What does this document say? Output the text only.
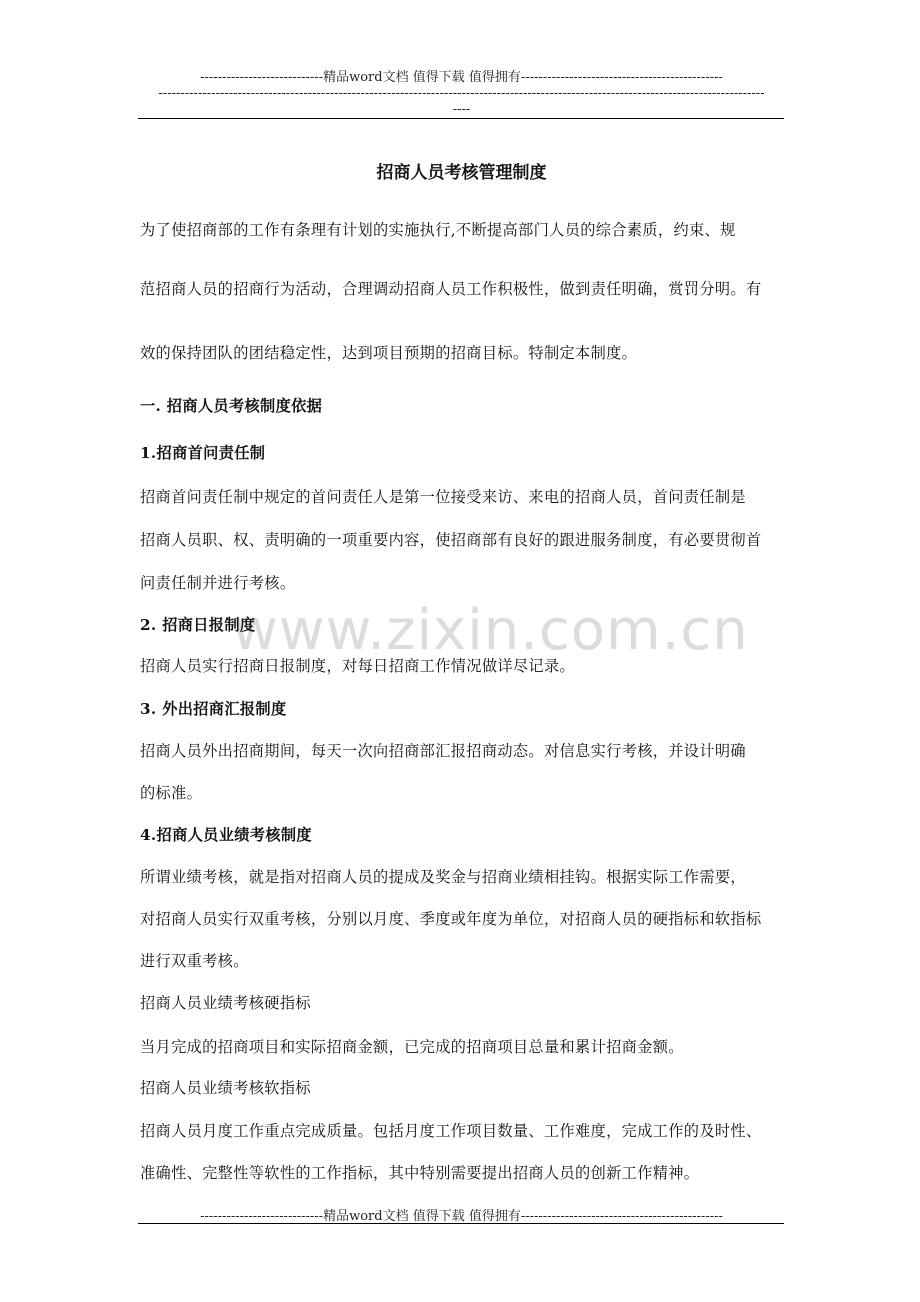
----------------------------精品word文档 值得下载 值得拥有----------------------------------------------
------------------------------------------------------------------------------------------------------------------------------------------
----
www.zixin.com.cn
招商人员考核管理制度
为了使招商部的工作有条理有计划的实施执行,不断提高部门人员的综合素质，约束、规
范招商人员的招商行为活动，合理调动招商人员工作积极性，做到责任明确，赏罚分明。有
效的保持团队的团结稳定性，达到项目预期的招商目标。特制定本制度。
一. 招商人员考核制度依据
1.招商首问责任制
招商首问责任制中规定的首问责任人是第一位接受来访、来电的招商人员，首问责任制是
招商人员职、权、责明确的一项重要内容，使招商部有良好的跟进服务制度，有必要贯彻首
问责任制并进行考核。
2. 招商日报制度
招商人员实行招商日报制度，对每日招商工作情况做详尽记录。
3. 外出招商汇报制度
招商人员外出招商期间，每天一次向招商部汇报招商动态。对信息实行考核，并设计明确
的标准。
4.招商人员业绩考核制度
所谓业绩考核，就是指对招商人员的提成及奖金与招商业绩相挂钩。根据实际工作需要，
对招商人员实行双重考核，分别以月度、季度或年度为单位，对招商人员的硬指标和软指标
进行双重考核。
招商人员业绩考核硬指标
当月完成的招商项目和实际招商金额，已完成的招商项目总量和累计招商金额。
招商人员业绩考核软指标
招商人员月度工作重点完成质量。包括月度工作项目数量、工作难度，完成工作的及时性、
准确性、完整性等软性的工作指标，其中特别需要提出招商人员的创新工作精神。
----------------------------精品word文档 值得下载 值得拥有----------------------------------------------
